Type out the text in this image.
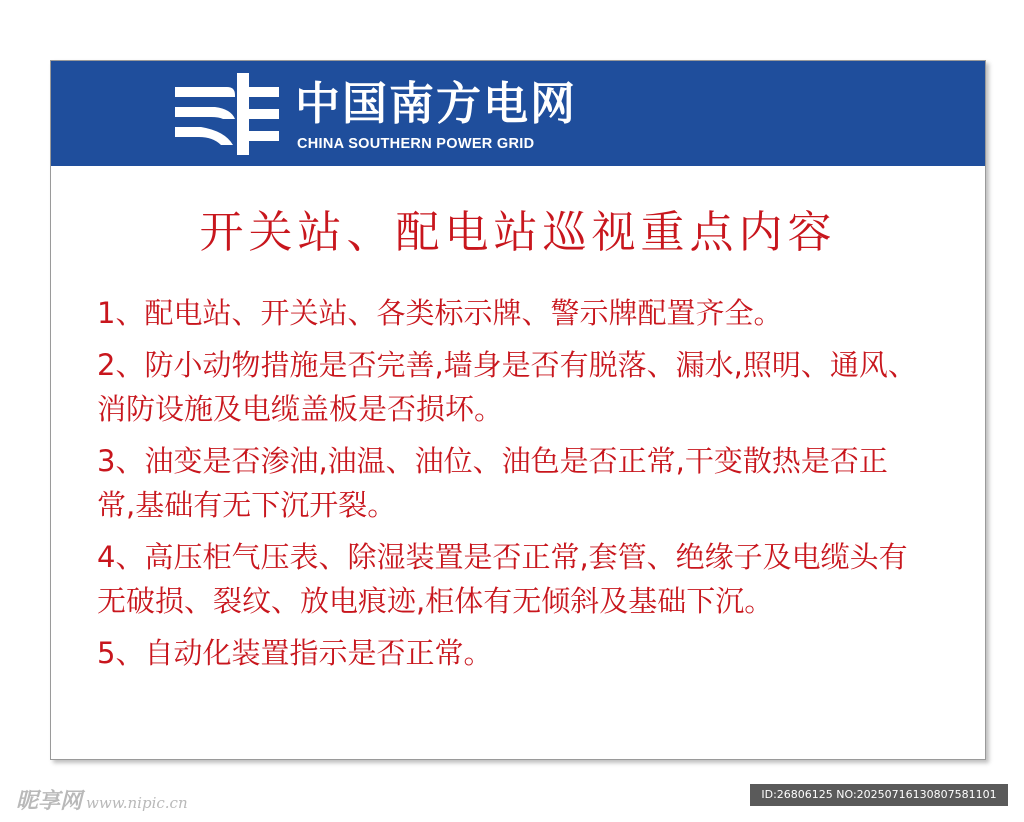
中国南方电网
CHINA SOUTHERN POWER GRID
开关站、配电站巡视重点内容
1、配电站、开关站、各类标示牌、警示牌配置齐全。
2、防小动物措施是否完善,墙身是否有脱落、漏水,照明、通风、消防设施及电缆盖板是否损坏。
3、油变是否渗油,油温、油位、油色是否正常,干变散热是否正常,基础有无下沉开裂。
4、高压柜气压表、除湿装置是否正常,套管、绝缘子及电缆头有无破损、裂纹、放电痕迹,柜体有无倾斜及基础下沉。
5、自动化装置指示是否正常。
昵享网 www.nipic.cn	ID:26806125 NO:20250716130807581101
